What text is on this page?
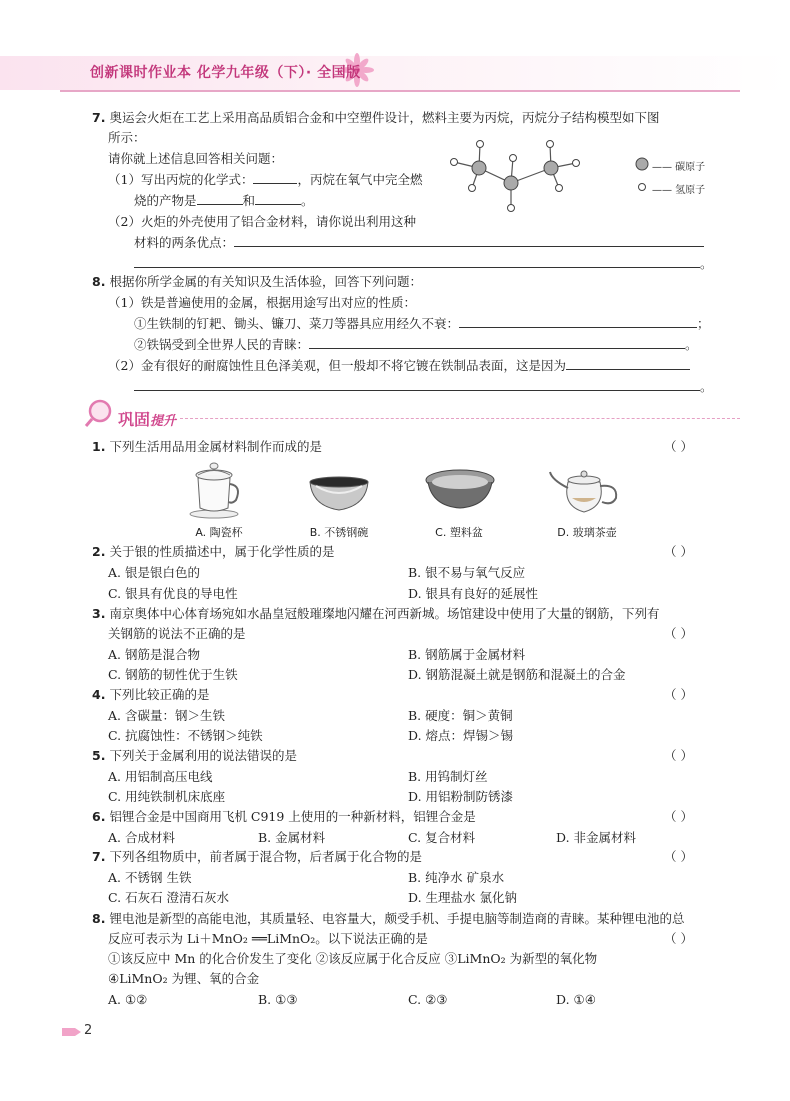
创新课时作业本 化学九年级（下）· 全国版
7. 奥运会火炬在工艺上采用高品质铝合金和中空塑件设计，燃料主要为丙烷，丙烷分子结构模型如下图
所示：
请你就上述信息回答相关问题：
（1）写出丙烷的化学式：	，丙烷在氧气中完全燃
烧的产物是	和	。
（2）火炬的外壳使用了铝合金材料，请你说出利用这种
材料的两条优点：
。
—— 碳原子
—— 氢原子
8. 根据你所学金属的有关知识及生活体验，回答下列问题：
（1）铁是普遍使用的金属，根据用途写出对应的性质：
①生铁制的钉耙、锄头、镰刀、菜刀等器具应用经久不衰：	；
②铁锅受到全世界人民的青睐：	。
（2）金有很好的耐腐蚀性且色泽美观，但一般却不将它镀在铁制品表面，这是因为
。
巩固提升
1. 下列生活用品用金属材料制作而成的是	（ ）
A. 陶瓷杯	B. 不锈钢碗	C. 塑料盆	D. 玻璃茶壶
2. 关于银的性质描述中，属于化学性质的是	（ ）
A. 银是银白色的	B. 银不易与氧气反应
C. 银具有优良的导电性	D. 银具有良好的延展性
3. 南京奥体中心体育场宛如水晶皇冠般璀璨地闪耀在河西新城。场馆建设中使用了大量的钢筋，下列有
关钢筋的说法不正确的是	（ ）
A. 钢筋是混合物	B. 钢筋属于金属材料
C. 钢筋的韧性优于生铁	D. 钢筋混凝土就是钢筋和混凝土的合金
4. 下列比较正确的是	（ ）
A. 含碳量：钢＞生铁	B. 硬度：铜＞黄铜
C. 抗腐蚀性：不锈钢＞纯铁	D. 熔点：焊锡＞锡
5. 下列关于金属利用的说法错误的是	（ ）
A. 用铝制高压电线	B. 用钨制灯丝
C. 用纯铁制机床底座	D. 用铝粉制防锈漆
6. 铝锂合金是中国商用飞机 C919 上使用的一种新材料，铝锂合金是	（ ）
A. 合成材料	B. 金属材料	C. 复合材料	D. 非金属材料
7. 下列各组物质中，前者属于混合物，后者属于化合物的是	（ ）
A. 不锈钢 生铁	B. 纯净水 矿泉水
C. 石灰石 澄清石灰水	D. 生理盐水 氯化钠
8. 锂电池是新型的高能电池，其质量轻、电容量大，颇受手机、手提电脑等制造商的青睐。某种锂电池的总
反应可表示为 Li＋MnO₂ ══LiMnO₂。以下说法正确的是	（ ）
①该反应中 Mn 的化合价发生了变化 ②该反应属于化合反应 ③LiMnO₂ 为新型的氧化物
④LiMnO₂ 为锂、氧的合金
A. ①②	B. ①③	C. ②③	D. ①④
2
